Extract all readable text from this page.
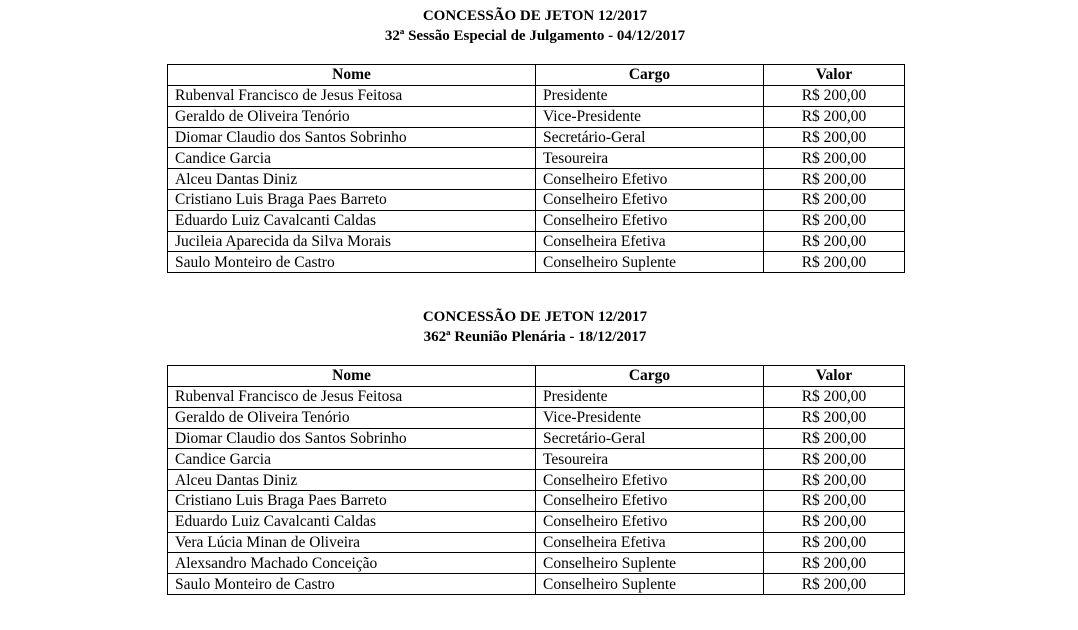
CONCESSÃO DE JETON 12/2017
32ª Sessão Especial de Julgamento - 04/12/2017
Nome	Cargo	Valor
Rubenval Francisco de Jesus Feitosa	Presidente	R$ 200,00
Geraldo de Oliveira Tenório	Vice-Presidente	R$ 200,00
Diomar Claudio dos Santos Sobrinho	Secretário-Geral	R$ 200,00
Candice Garcia	Tesoureira	R$ 200,00
Alceu Dantas Diniz	Conselheiro Efetivo	R$ 200,00
Cristiano Luis Braga Paes Barreto	Conselheiro Efetivo	R$ 200,00
Eduardo Luiz Cavalcanti Caldas	Conselheiro Efetivo	R$ 200,00
Jucileia Aparecida da Silva Morais	Conselheira Efetiva	R$ 200,00
Saulo Monteiro de Castro	Conselheiro Suplente	R$ 200,00
CONCESSÃO DE JETON 12/2017
362ª Reunião Plenária - 18/12/2017
Nome	Cargo	Valor
Rubenval Francisco de Jesus Feitosa	Presidente	R$ 200,00
Geraldo de Oliveira Tenório	Vice-Presidente	R$ 200,00
Diomar Claudio dos Santos Sobrinho	Secretário-Geral	R$ 200,00
Candice Garcia	Tesoureira	R$ 200,00
Alceu Dantas Diniz	Conselheiro Efetivo	R$ 200,00
Cristiano Luis Braga Paes Barreto	Conselheiro Efetivo	R$ 200,00
Eduardo Luiz Cavalcanti Caldas	Conselheiro Efetivo	R$ 200,00
Vera Lúcia Minan de Oliveira	Conselheira Efetiva	R$ 200,00
Alexsandro Machado Conceição	Conselheiro Suplente	R$ 200,00
Saulo Monteiro de Castro	Conselheiro Suplente	R$ 200,00
